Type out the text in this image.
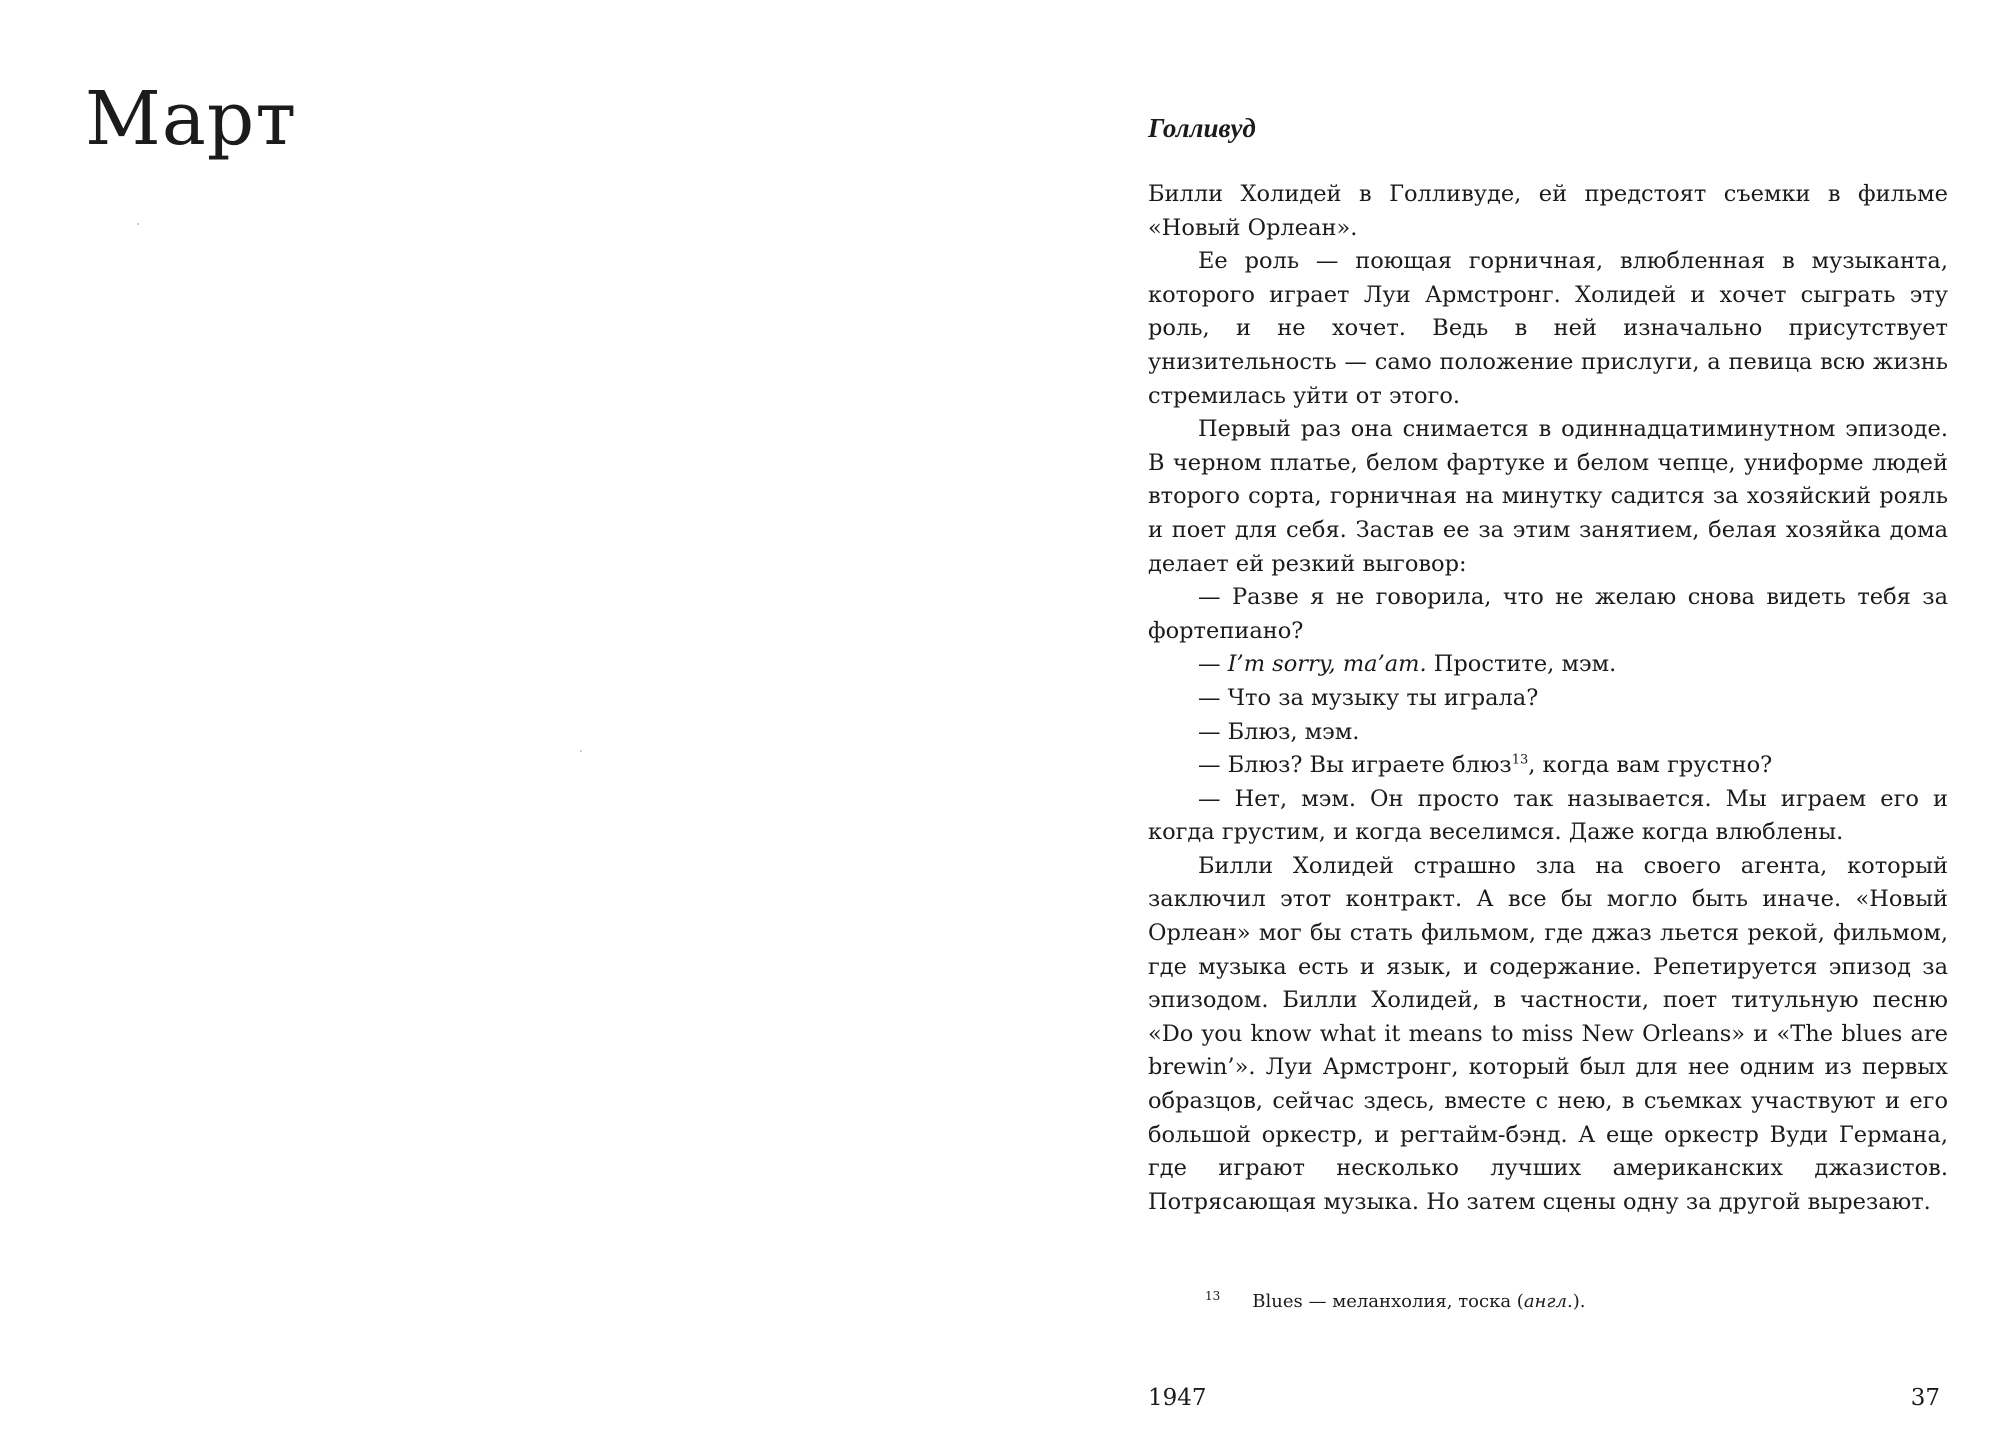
Март	Голливуд

Билли Холидей в Голливуде, ей предстоят съемки в фильме «Новый Орлеан».

Ее роль — поющая горничная, влюбленная в музыканта, которого играет Луи Армстронг. Холидей и хочет сыграть эту роль, и не хочет. Ведь в ней изначально присутствует унизительность — само положение прислуги, а певица всю жизнь стремилась уйти от этого.

Первый раз она снимается в одиннадцатиминутном эпизоде. В черном платье, белом фартуке и белом чепце, униформе людей второго сорта, горничная на минутку садится за хозяйский рояль и поет для себя. Застав ее за этим занятием, белая хозяйка дома делает ей резкий выговор:

— Разве я не говорила, что не желаю снова видеть тебя за фортепиано?

— I’m sorry, ma’am. Простите, мэм.

— Что за музыку ты играла?

— Блюз, мэм.

— Блюз? Вы играете блюз$^{13}$, когда вам грустно?

— Нет, мэм. Он просто так называется. Мы играем его и когда грустим, и когда веселимся. Даже когда влюблены.

Билли Холидей страшно зла на своего агента, который заключил этот контракт. А все бы могло быть иначе. «Новый Орлеан» мог бы стать фильмом, где джаз льется рекой, фильмом, где музыка есть и язык, и содержание. Репетируется эпизод за эпизодом. Билли Холидей, в частности, поет титульную песню «Do you know what it means to miss New Orleans» и «The blues are brewin’». Луи Армстронг, который был для нее одним из первых образцов, сейчас здесь, вместе с нею, в съемках участвуют и его большой оркестр, и регтайм-бэнд. А еще оркестр Вуди Германа, где играют несколько лучших американских джазистов. Потрясающая музыка. Но затем сцены одну за другой вырезают.

$^{13}$ Blues — меланхолия, тоска (англ.).
1947	37
